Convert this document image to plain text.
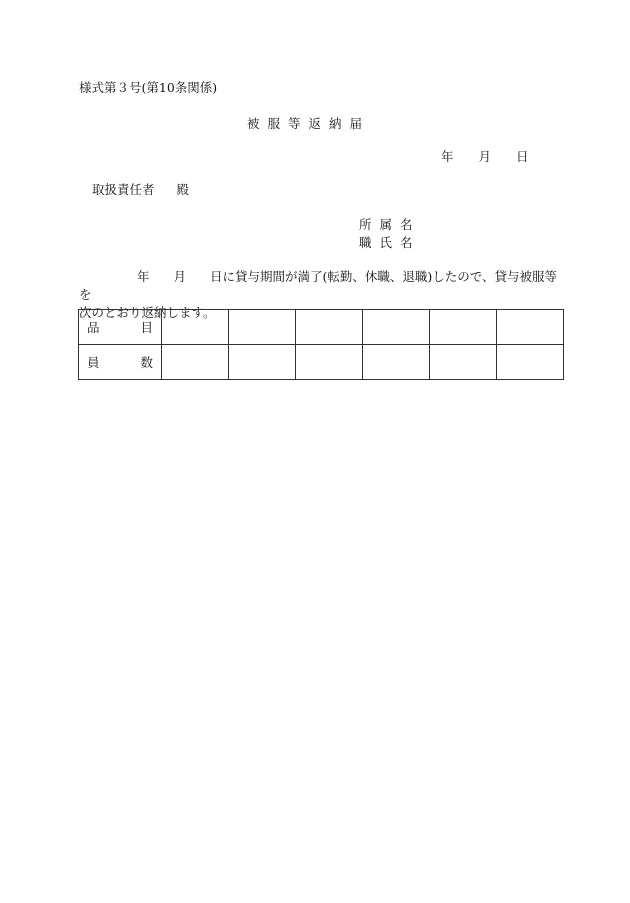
様式第３号(第10条関係)
被服等返納届
年 月 日
取扱責任者 殿
所属名
職氏名
年 月 日に貸与期間が満了(転勤、休職、退職)したので、貸与被服等を
次のとおり返納します。
品目						
員数						
